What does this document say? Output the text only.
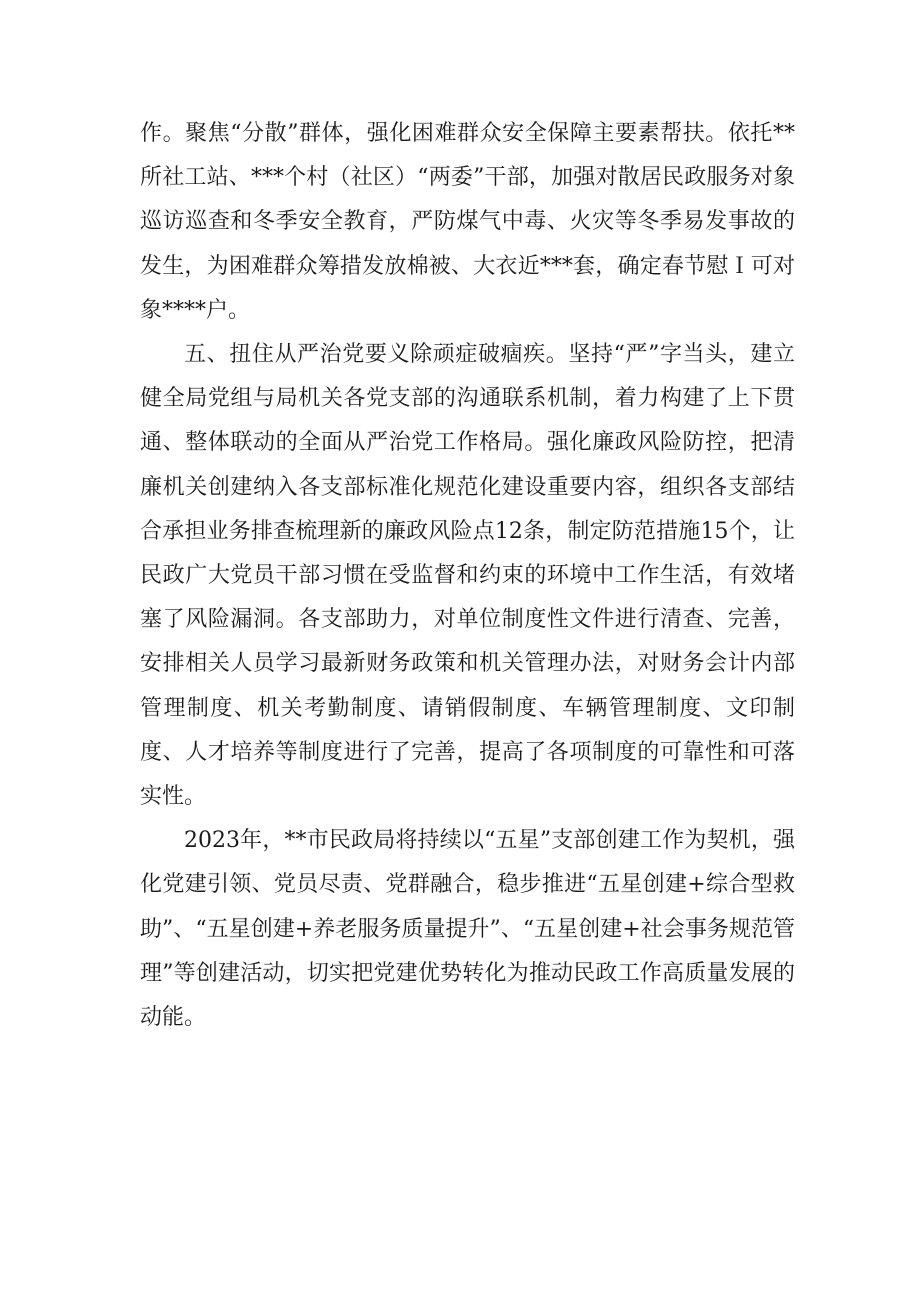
作。聚焦“分散”群体，强化困难群众安全保障主要素帮扶。依托**所社工站、***个村（社区）“两委”干部，加强对散居民政服务对象巡访巡查和冬季安全教育，严防煤气中毒、火灾等冬季易发事故的发生，为困难群众筹措发放棉被、大衣近***套，确定春节慰Ｉ可对象****户。

五、扭住从严治党要义除顽症破痼疾。坚持“严”字当头，建立健全局党组与局机关各党支部的沟通联系机制，着力构建了上下贯通、整体联动的全面从严治党工作格局。强化廉政风险防控，把清廉机关创建纳入各支部标准化规范化建设重要内容，组织各支部结合承担业务排查梳理新的廉政风险点12条，制定防范措施15个，让民政广大党员干部习惯在受监督和约束的环境中工作生活，有效堵塞了风险漏洞。各支部助力，对单位制度性文件进行清查、完善，安排相关人员学习最新财务政策和机关管理办法，对财务会计内部管理制度、机关考勤制度、请销假制度、车辆管理制度、文印制度、人才培养等制度进行了完善，提高了各项制度的可靠性和可落实性。

2023年，**市民政局将持续以“五星”支部创建工作为契机，强化党建引领、党员尽责、党群融合，稳步推进“五星创建+综合型救助”、“五星创建+养老服务质量提升”、“五星创建+社会事务规范管理”等创建活动，切实把党建优势转化为推动民政工作高质量发展的动能。
